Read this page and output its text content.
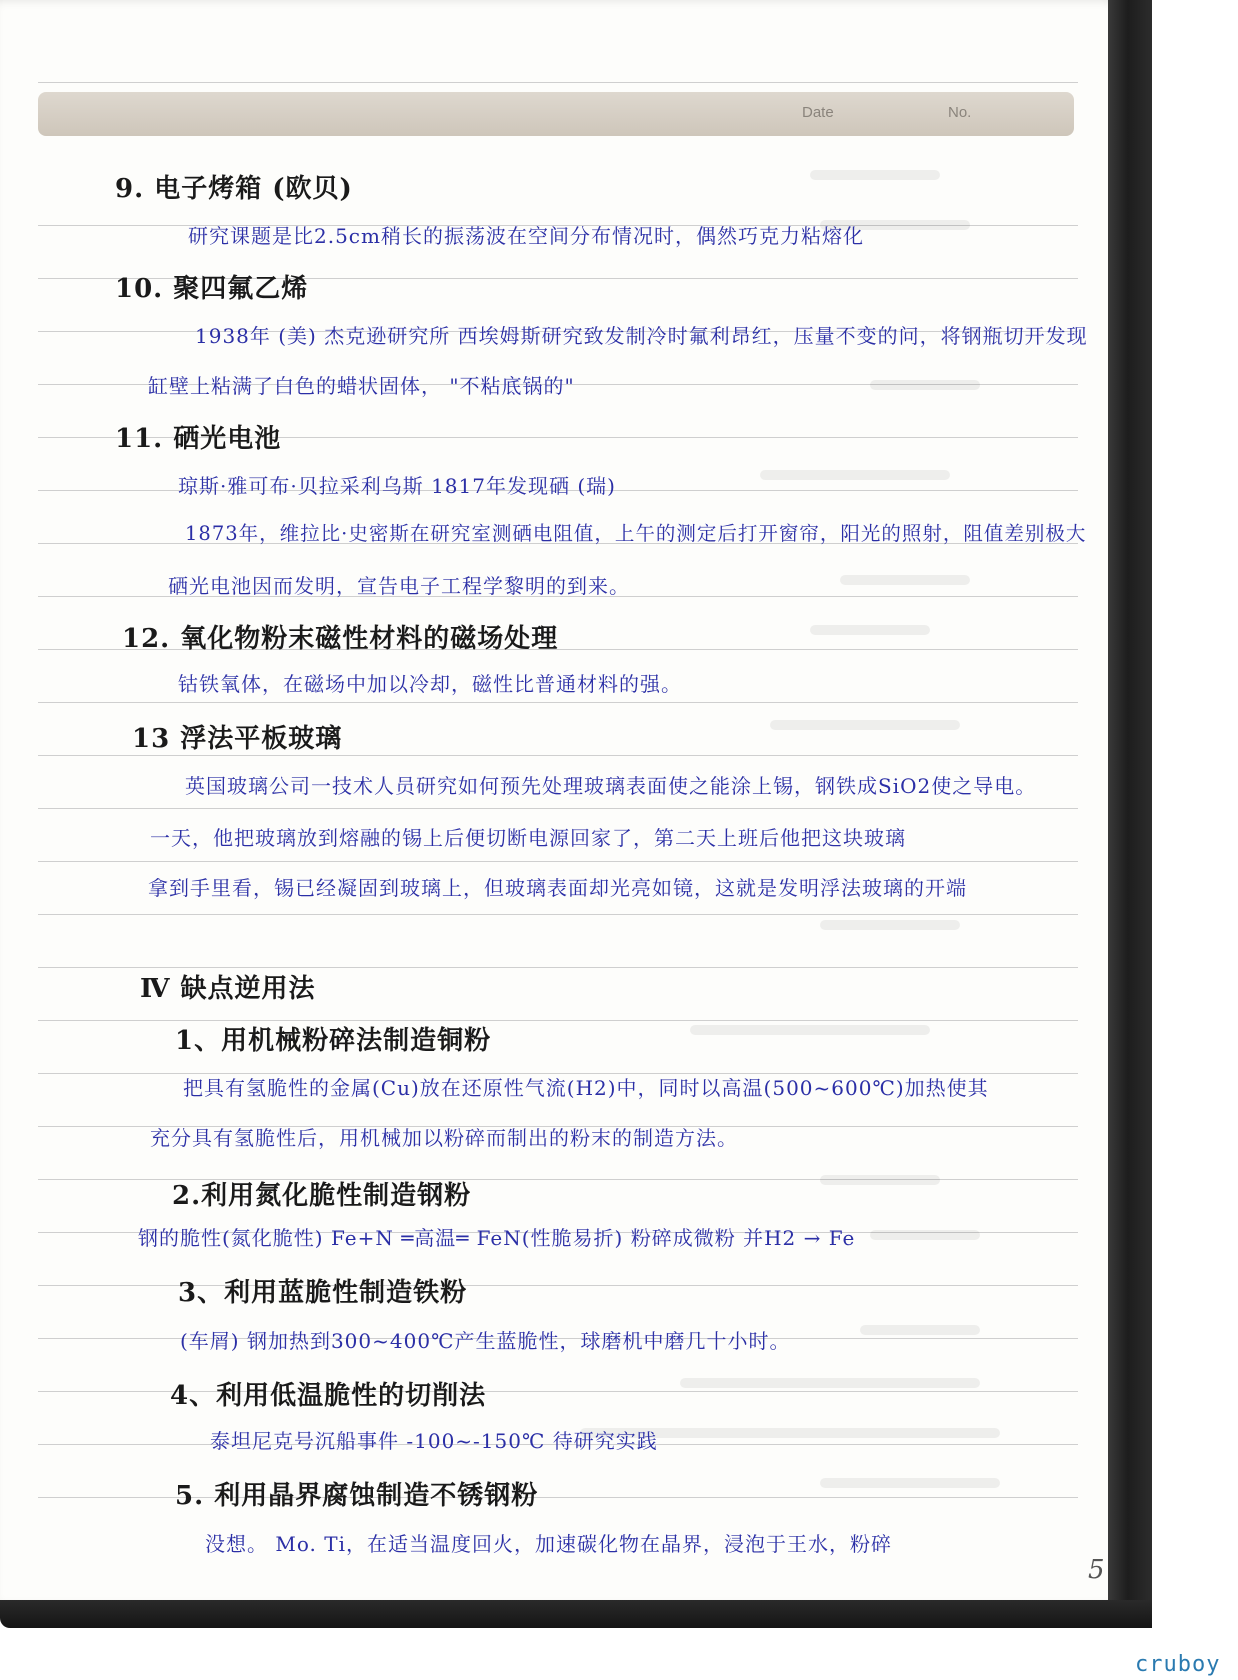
Date	No.
9. 电子烤箱 (欧贝)
研究课题是比2.5cm稍长的振荡波在空间分布情况时，偶然巧克力粘熔化
10. 聚四氟乙烯
1938年 (美) 杰克逊研究所 西埃姆斯研究致发制冷时氟利昂红，压量不变的问，将钢瓶切开发现
缸壁上粘满了白色的蜡状固体， "不粘底锅的"
11. 硒光电池
琼斯·雅可布·贝拉采利乌斯 1817年发现硒 (瑞)
1873年，维拉比·史密斯在研究室测硒电阻值，上午的测定后打开窗帘，阳光的照射，阻值差别极大
硒光电池因而发明，宣告电子工程学黎明的到来。
12. 氧化物粉末磁性材料的磁场处理
钴铁氧体，在磁场中加以冷却，磁性比普通材料的强。
13 浮法平板玻璃
英国玻璃公司一技术人员研究如何预先处理玻璃表面使之能涂上锡，钢铁成SiO2使之导电。
一天，他把玻璃放到熔融的锡上后便切断电源回家了，第二天上班后他把这块玻璃
拿到手里看，锡已经凝固到玻璃上，但玻璃表面却光亮如镜，这就是发明浮法玻璃的开端
Ⅳ 缺点逆用法
1、用机械粉碎法制造铜粉
把具有氢脆性的金属(Cu)放在还原性气流(H2)中，同时以高温(500~600℃)加热使其
充分具有氢脆性后，用机械加以粉碎而制出的粉末的制造方法。
2.利用氮化脆性制造钢粉
钢的脆性(氮化脆性) Fe+N ═高温═ FeN(性脆易折) 粉碎成微粉 并H2 → Fe
3、利用蓝脆性制造铁粉
(车屑) 钢加热到300~400℃产生蓝脆性，球磨机中磨几十小时。
4、利用低温脆性的切削法
泰坦尼克号沉船事件 -100~-150℃ 待研究实践
5. 利用晶界腐蚀制造不锈钢粉
没想。 Mo. Ti，在适当温度回火，加速碳化物在晶界，浸泡于王水，粉碎
5
cruboy
